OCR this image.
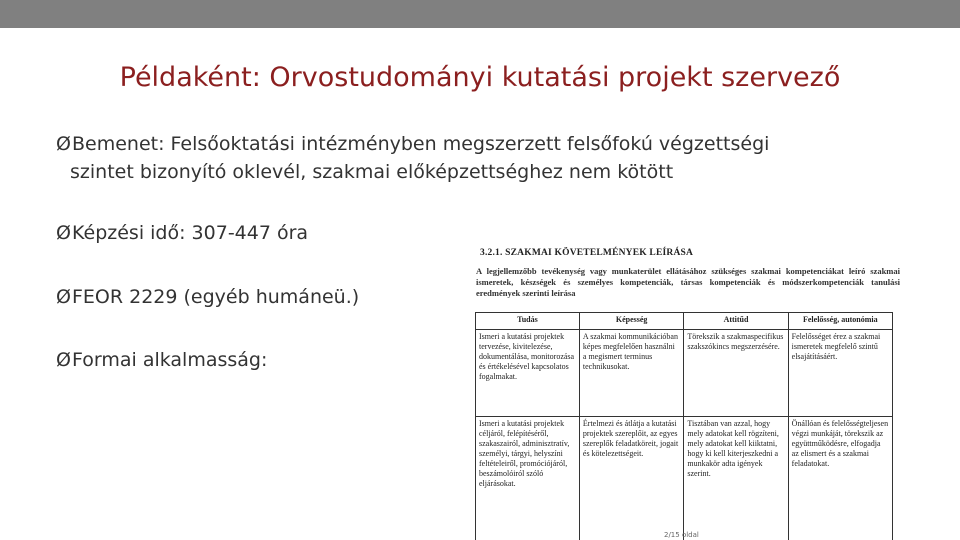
Példaként: Orvostudományi kutatási projekt szervező
ØBemenet: Felsőoktatási intézményben megszerzett felsőfokú végzettségi
szintet bizonyító oklevél, szakmai előképzettséghez nem kötött
ØKépzési idő: 307-447 óra
ØFEOR 2229 (egyéb humáneü.)
ØFormai alkalmasság:
3.2.1. SZAKMAI KÖVETELMÉNYEK LEÍRÁSA
A legjellemzőbb tevékenység vagy munkaterület ellátásához szükséges szakmai kompetenciákat leíró szakmai ismeretek, készségek és személyes kompetenciák, társas kompetenciák és módszerkompetenciák tanulási eredmények szerinti leírása
Tudás	Képesség	Attitűd	Felelősség, autonómia
Ismeri a kutatási projektek tervezése, kivitelezése, dokumentálása, monitorozása és értékelésével kapcsolatos fogalmakat.	A szakmai kommunikációban képes megfelelően használni a megismert terminus technikusokat.	Törekszik a szakmaspecifikus szakszókincs megszerzésére.	Felelősséget érez a szakmai ismeretek megfelelő szintű elsajátításáért.
Ismeri a kutatási projektek céljáról, felépítéséről, szakaszairól, adminisztratív, személyi, tárgyi, helyszíni feltételeiről, promóciójáról, beszámolóiról szóló eljárásokat.	Értelmezi és átlátja a kutatási projektek szereplőit, az egyes szereplők feladatköreit, jogait és kötelezettségeit.	Tisztában van azzal, hogy mely adatokat kell rögzíteni, mely adatokat kell kiiktatni, hogy ki kell kiterjeszkedni a munkakör adta igények szerint.	Önállóan és felelősségteljesen végzi munkáját, törekszik az együttműködésre, elfogadja az elismert és a szakmai feladatokat.
2/15 oldal
